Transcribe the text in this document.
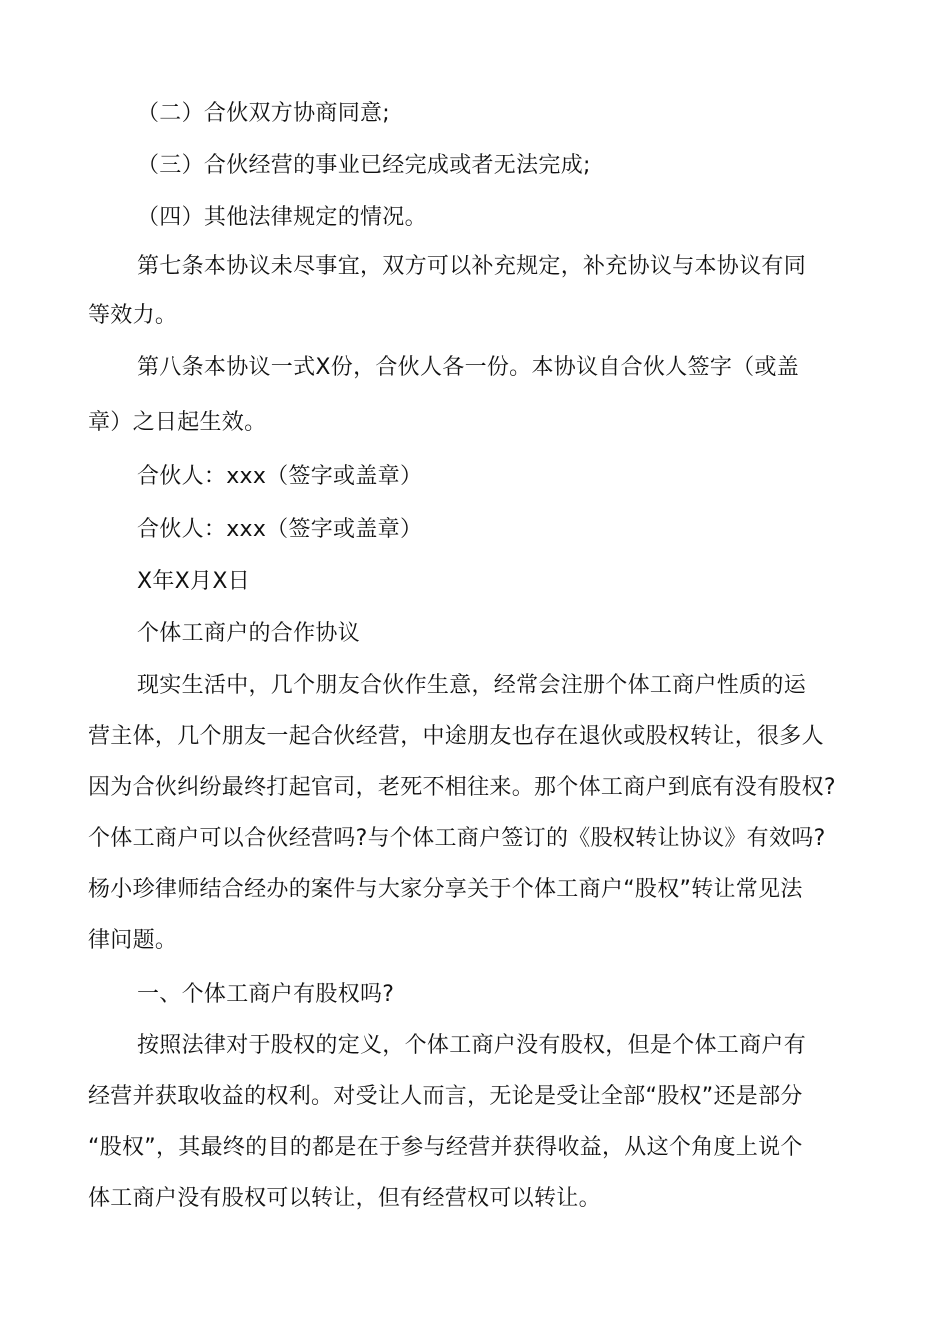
（二）合伙双方协商同意;
（三）合伙经营的事业已经完成或者无法完成;
（四）其他法律规定的情况。
第七条本协议未尽事宜，双方可以补充规定，补充协议与本协议有同
等效力。
第八条本协议一式X份，合伙人各一份。本协议自合伙人签字（或盖
章）之日起生效。
合伙人：xxx（签字或盖章）
合伙人：xxx（签字或盖章）
X年X月X日
个体工商户的合作协议
现实生活中，几个朋友合伙作生意，经常会注册个体工商户性质的运
营主体，几个朋友一起合伙经营，中途朋友也存在退伙或股权转让，很多人
因为合伙纠纷最终打起官司，老死不相往来。那个体工商户到底有没有股权?
个体工商户可以合伙经营吗?与个体工商户签订的《股权转让协议》有效吗?
杨小珍律师结合经办的案件与大家分享关于个体工商户“股权”转让常见法
律问题。
一、个体工商户有股权吗?
按照法律对于股权的定义，个体工商户没有股权，但是个体工商户有
经营并获取收益的权利。对受让人而言，无论是受让全部“股权”还是部分
“股权”，其最终的目的都是在于参与经营并获得收益，从这个角度上说个
体工商户没有股权可以转让，但有经营权可以转让。
